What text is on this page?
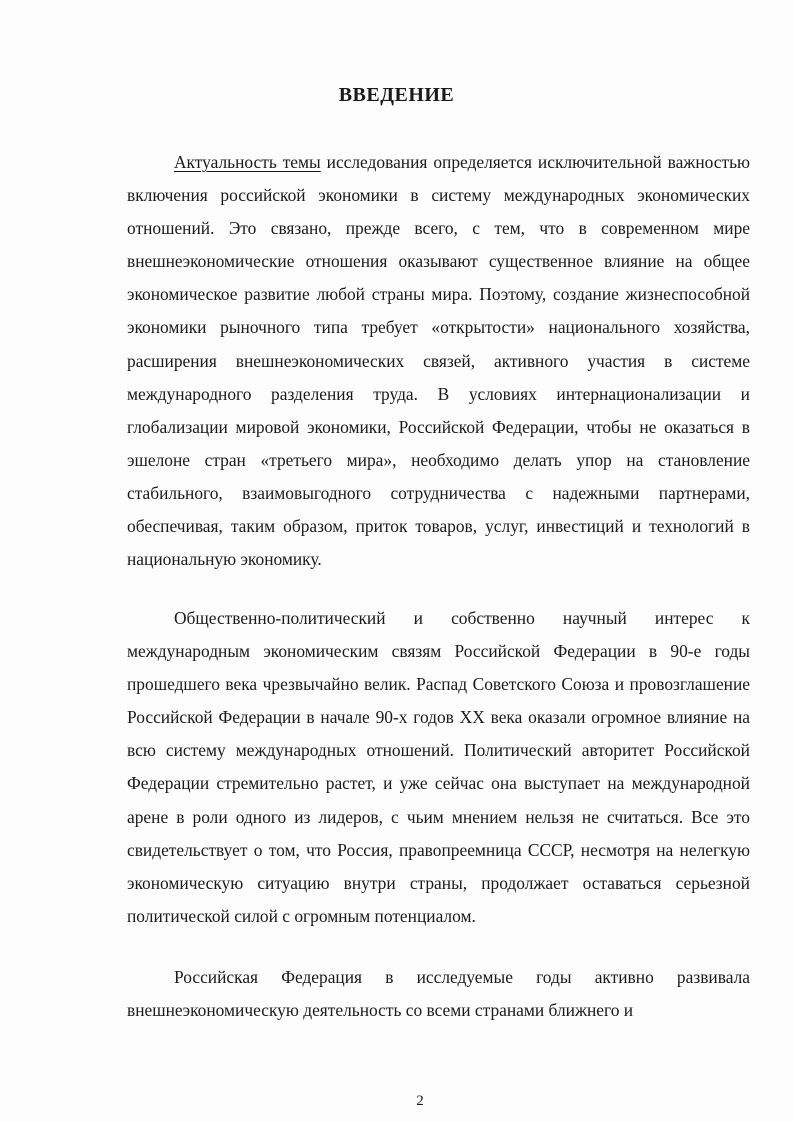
ВВЕДЕНИЕ

Актуальность темы исследования определяется исключительной важностью включения российской экономики в систему международных экономических отношений. Это связано, прежде всего, с тем, что в современном мире внешнеэкономические отношения оказывают существенное влияние на общее экономическое развитие любой страны мира. Поэтому, создание жизнеспособной экономики рыночного типа требует «открытости» национального хозяйства, расширения внешнеэкономических связей, активного участия в системе международного разделения труда. В условиях интернационализации и глобализации мировой экономики, Российской Федерации, чтобы не оказаться в эшелоне стран «третьего мира», необходимо делать упор на становление стабильного, взаимовыгодного сотрудничества с надежными партнерами, обеспечивая, таким образом, приток товаров, услуг, инвестиций и технологий в национальную экономику.

Общественно-политический и собственно научный интерес к международным экономическим связям Российской Федерации в 90-е годы прошедшего века чрезвычайно велик. Распад Советского Союза и провозглашение Российской Федерации в начале 90-х годов XX века оказали огромное влияние на всю систему международных отношений. Политический авторитет Российской Федерации стремительно растет, и уже сейчас она выступает на международной арене в роли одного из лидеров, с чьим мнением нельзя не считаться. Все это свидетельствует о том, что Россия, правопреемница СССР, несмотря на нелегкую экономическую ситуацию внутри страны, продолжает оставаться серьезной политической силой с огромным потенциалом.

Российская Федерация в исследуемые годы активно развивала внешнеэкономическую деятельность со всеми странами ближнего и

2
